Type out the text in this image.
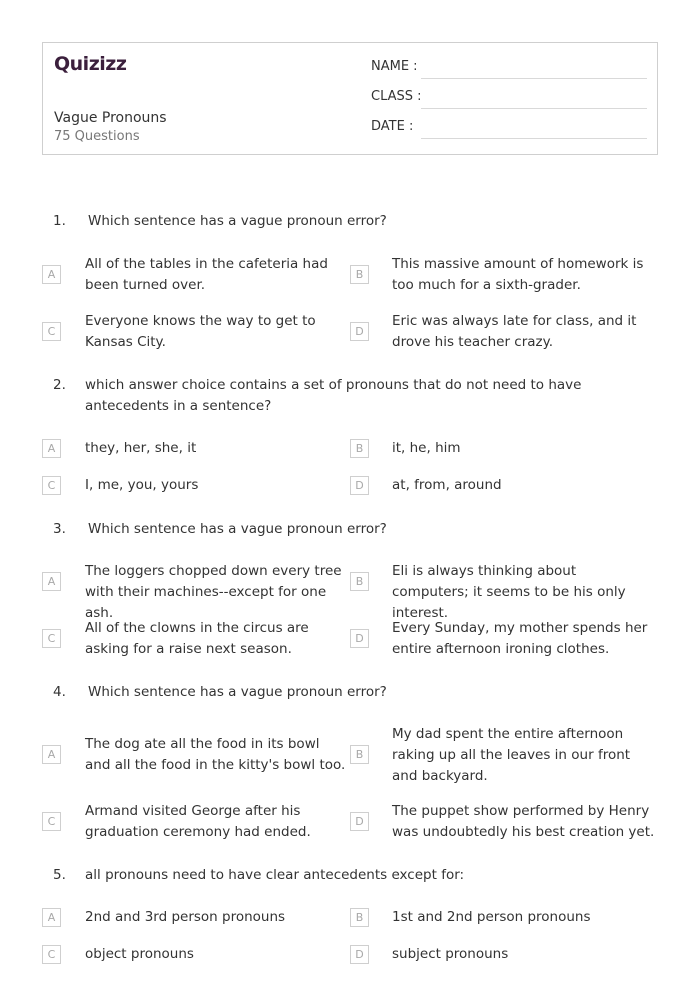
Quizizz
Vague Pronouns
75 Questions
NAME :
CLASS :
DATE :
1. Which sentence has a vague pronoun error?
A
All of the tables in the cafeteria had been turned over.
B
This massive amount of homework is too much for a sixth-grader.
C
Everyone knows the way to get to Kansas City.
D
Eric was always late for class, and it drove his teacher crazy.
2. which answer choice contains a set of pronouns that do not need to have antecedents in a sentence?
A	they, her, she, it	B	it, he, him
C	I, me, you, yours	D	at, from, around
3. Which sentence has a vague pronoun error?
A
The loggers chopped down every tree with their machines--except for one ash.
B
Eli is always thinking about computers; it seems to be his only interest.
C
All of the clowns in the circus are asking for a raise next season.
D
Every Sunday, my mother spends her entire afternoon ironing clothes.
4. Which sentence has a vague pronoun error?
A
The dog ate all the food in its bowl and all the food in the kitty's bowl too.
B
My dad spent the entire afternoon raking up all the leaves in our front and backyard.
C
Armand visited George after his graduation ceremony had ended.
D
The puppet show performed by Henry was undoubtedly his best creation yet.
5. all pronouns need to have clear antecedents except for:
A	2nd and 3rd person pronouns	B	1st and 2nd person pronouns
C	object pronouns	D	subject pronouns
